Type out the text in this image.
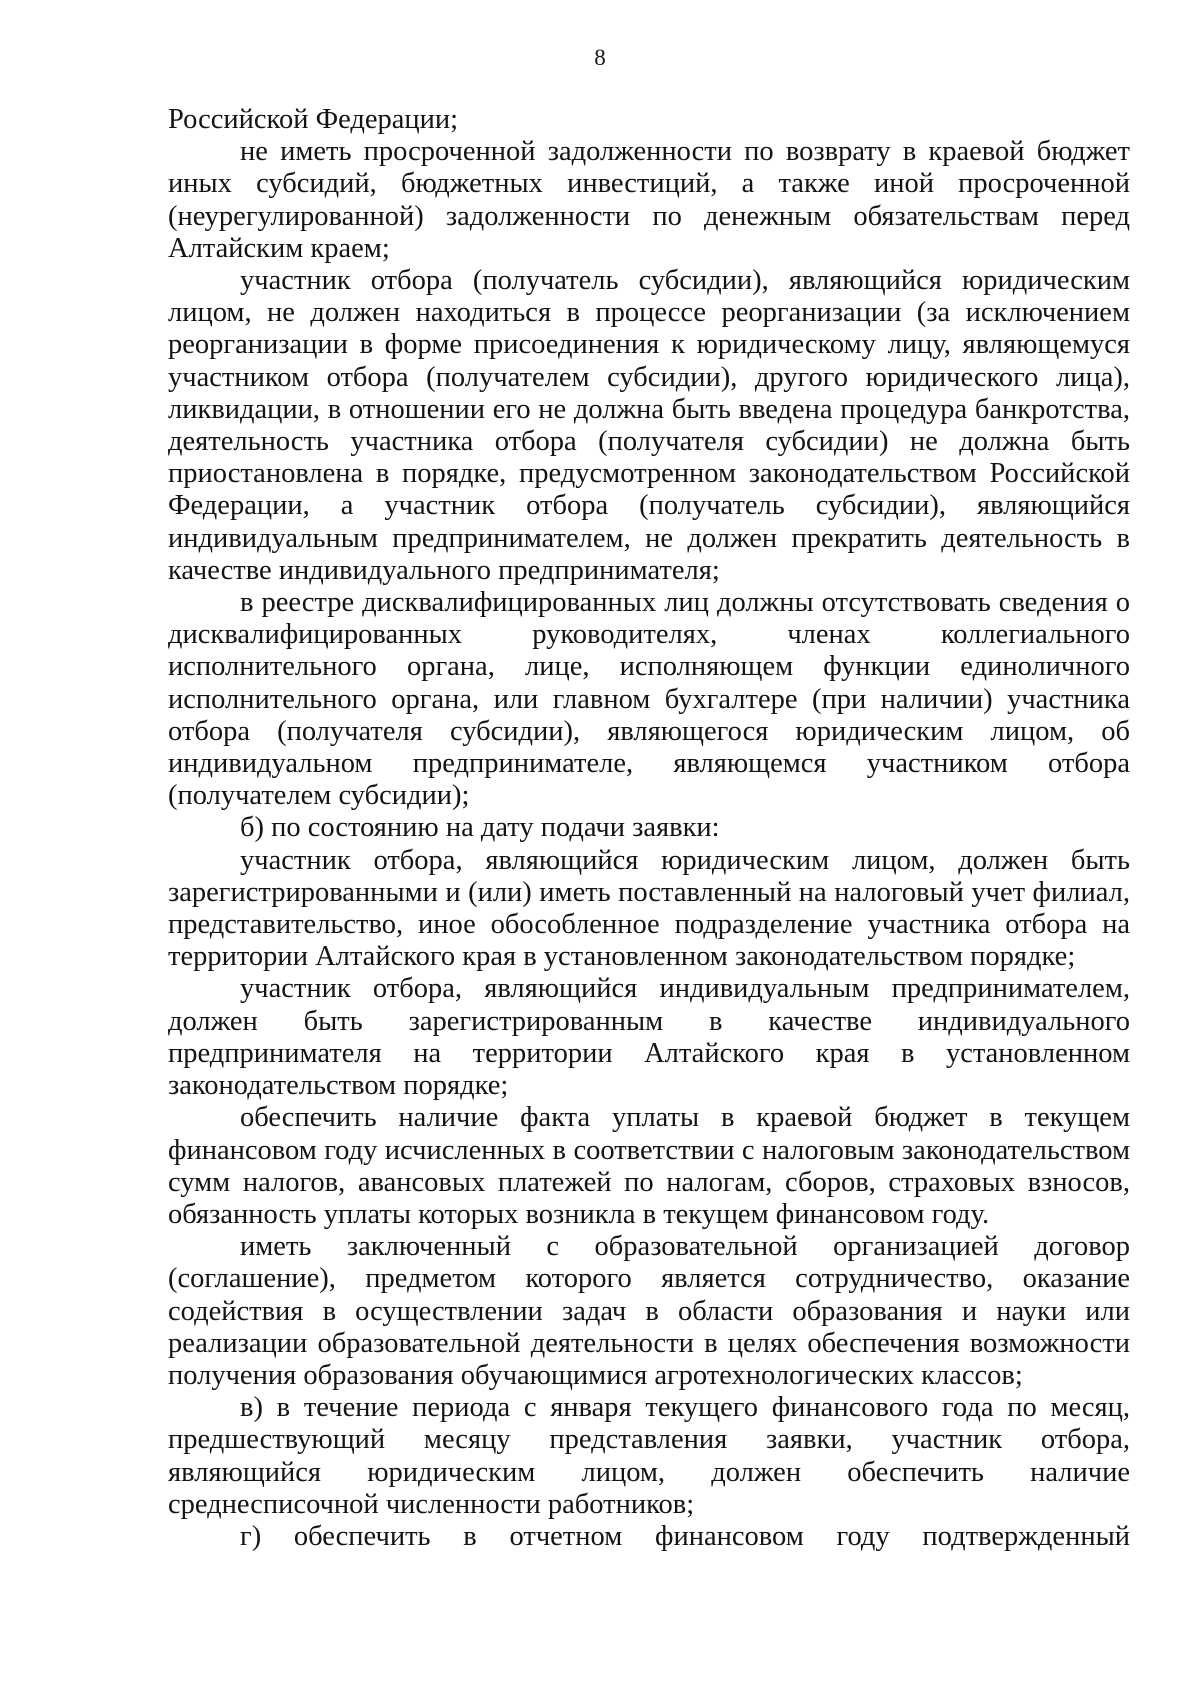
8

Российской Федерации;

не иметь просроченной задолженности по возврату в краевой бюджет иных субсидий, бюджетных инвестиций, а также иной просроченной (неурегулированной) задолженности по денежным обязательствам перед Алтайским краем;

участник отбора (получатель субсидии), являющийся юридическим лицом, не должен находиться в процессе реорганизации (за исключением реорганизации в форме присоединения к юридическому лицу, являющемуся участником отбора (получателем субсидии), другого юридического лица), ликвидации, в отношении его не должна быть введена процедура банкротства, деятельность участника отбора (получателя субсидии) не должна быть приостановлена в порядке, предусмотренном законодательством Российской Федерации, а участник отбора (получатель субсидии), являющийся индивидуальным предпринимателем, не должен прекратить деятельность в качестве индивидуального предпринимателя;

в реестре дисквалифицированных лиц должны отсутствовать сведения о дисквалифицированных руководителях, членах коллегиального исполнительного органа, лице, исполняющем функции единоличного исполнительного органа, или главном бухгалтере (при наличии) участника отбора (получателя субсидии), являющегося юридическим лицом, об индивидуальном предпринимателе, являющемся участником отбора (получателем субсидии);

б) по состоянию на дату подачи заявки:

участник отбора, являющийся юридическим лицом, должен быть зарегистрированными и (или) иметь поставленный на налоговый учет филиал, представительство, иное обособленное подразделение участника отбора на территории Алтайского края в установленном законодательством порядке;

участник отбора, являющийся индивидуальным предпринимателем, должен быть зарегистрированным в качестве индивидуального предпринимателя на территории Алтайского края в установленном законодательством порядке;

обеспечить наличие факта уплаты в краевой бюджет в текущем финансовом году исчисленных в соответствии с налоговым законодательством сумм налогов, авансовых платежей по налогам, сборов, страховых взносов, обязанность уплаты которых возникла в текущем финансовом году.

иметь заключенный с образовательной организацией договор (соглашение), предметом которого является сотрудничество, оказание содействия в осуществлении задач в области образования и науки или реализации образовательной деятельности в целях обеспечения возможности получения образования обучающимися агротехнологических классов;

в) в течение периода с января текущего финансового года по месяц, предшествующий месяцу представления заявки, участник отбора, являющийся юридическим лицом, должен обеспечить наличие среднесписочной численности работников;

г) обеспечить в отчетном финансовом году подтвержденный
